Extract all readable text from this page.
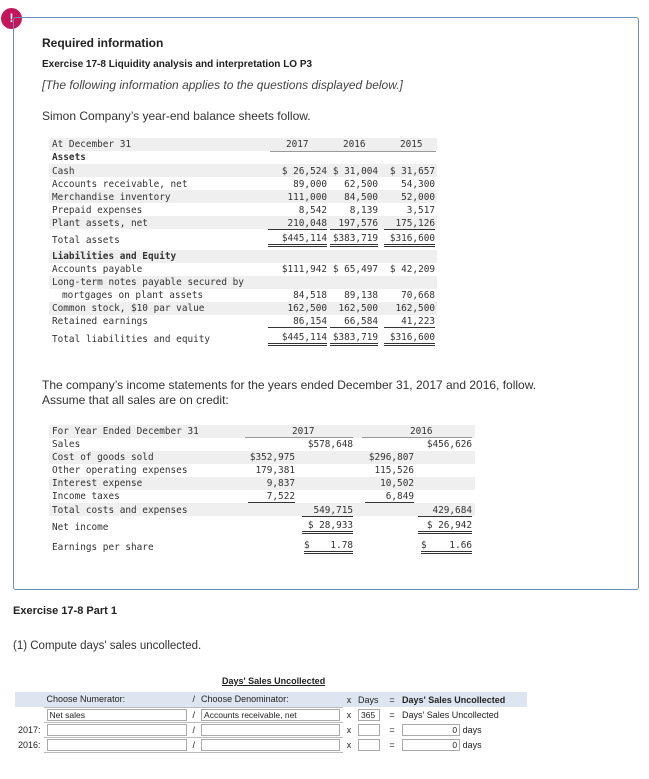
!
Required information
Exercise 17-8 Liquidity analysis and interpretation LO P3
[The following information applies to the questions displayed below.]
Simon Company’s year-end balance sheets follow.
At December 31	2017	2016	2015
Assets
Cash	$ 26,524 $ 31,004	$ 31,657
Accounts receivable, net	89,000	62,500	54,300
Merchandise inventory	111,000	84,500	52,000
Prepaid expenses	8,542	8,139	3,517
Plant assets, net	210,048	197,576	175,126
Total assets	$445,114 $383,719	$316,600
Liabilities and Equity
Accounts payable	$111,942 $ 65,497	$ 42,209
Long-term notes payable secured by
mortgages on plant assets	84,518	89,138	70,668
Common stock, $10 par value	162,500	162,500	162,500
Retained earnings	86,154	66,584	41,223
Total liabilities and equity	$445,114 $383,719	$316,600
The company’s income statements for the years ended December 31, 2017 and 2016, follow.
Assume that all sales are on credit:
For Year Ended December 31	2017	2016
Sales	$578,648	$456,626
Cost of goods sold	$352,975	$296,807
Other operating expenses	179,381	115,526
Interest expense	9,837	10,502
Income taxes	7,522	6,849
Total costs and expenses	549,715	429,684
Net income	$ 28,933	$ 26,942
Earnings per share	$ 1.78	$ 1.66
Exercise 17-8 Part 1
(1) Compute days' sales uncollected.
Days' Sales Uncollected
	Choose Numerator:	/	Choose Denominator:	x	Days	=	Days' Sales Uncollected

	Net sales	/	Accounts receivable, net	x	365	=	Days' Sales Uncollected
2017:		/		x		=	0 days
2016:		/		x		=	0 days
